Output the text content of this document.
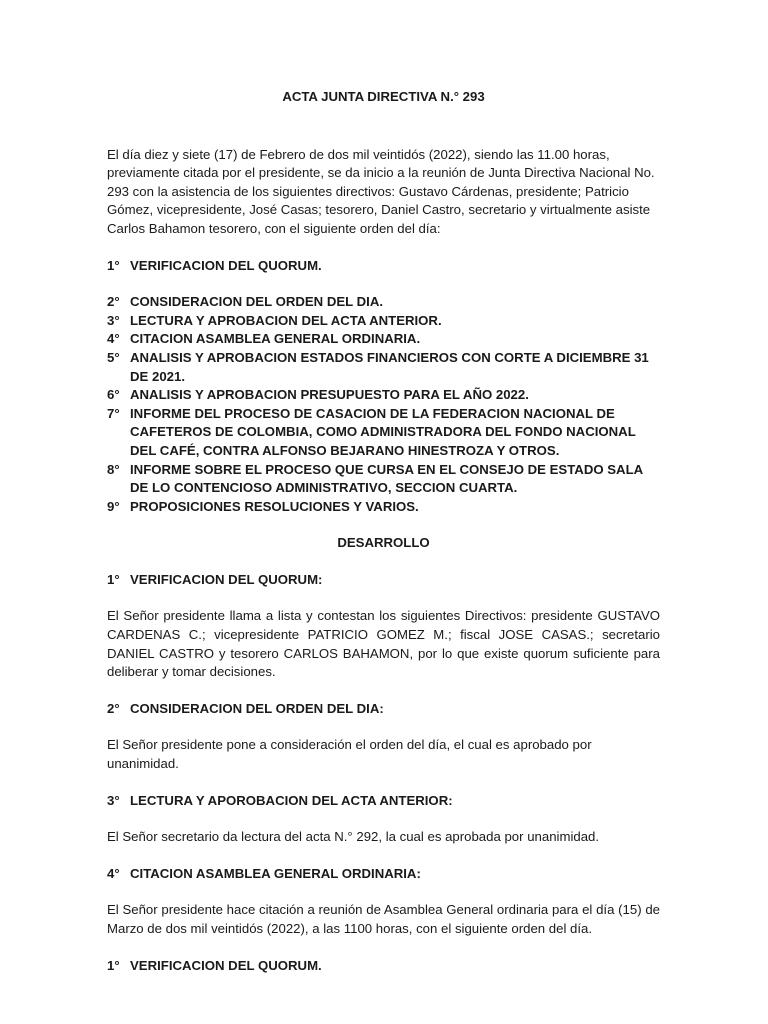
ACTA JUNTA DIRECTIVA N.° 293
El día diez y siete (17) de Febrero de dos mil veintidós (2022), siendo las 11.00 horas, previamente citada por el presidente, se da inicio a la reunión de Junta Directiva Nacional No. 293 con la asistencia de los siguientes directivos: Gustavo Cárdenas, presidente; Patricio Gómez, vicepresidente, José Casas; tesorero, Daniel Castro, secretario y virtualmente asiste Carlos Bahamon tesorero, con el siguiente orden del día:
1° VERIFICACION DEL QUORUM.
2° CONSIDERACION DEL ORDEN DEL DIA.
3° LECTURA Y APROBACION DEL ACTA ANTERIOR.
4° CITACION ASAMBLEA GENERAL ORDINARIA.
5° ANALISIS Y APROBACION ESTADOS FINANCIEROS CON CORTE A DICIEMBRE 31 DE 2021.
6° ANALISIS Y APROBACION PRESUPUESTO PARA EL AÑO 2022.
7° INFORME DEL PROCESO DE CASACION DE LA FEDERACION NACIONAL DE CAFETEROS DE COLOMBIA, COMO ADMINISTRADORA DEL FONDO NACIONAL DEL CAFÉ, CONTRA ALFONSO BEJARANO HINESTROZA Y OTROS.
8° INFORME SOBRE EL PROCESO QUE CURSA EN EL CONSEJO DE ESTADO SALA DE LO CONTENCIOSO ADMINISTRATIVO, SECCION CUARTA.
9° PROPOSICIONES RESOLUCIONES Y VARIOS.
DESARROLLO
1° VERIFICACION DEL QUORUM:
El Señor presidente llama a lista y contestan los siguientes Directivos: presidente GUSTAVO CARDENAS C.; vicepresidente PATRICIO GOMEZ M.; fiscal JOSE CASAS.; secretario DANIEL CASTRO y tesorero CARLOS BAHAMON, por lo que existe quorum suficiente para deliberar y tomar decisiones.
2° CONSIDERACION DEL ORDEN DEL DIA:
El Señor presidente pone a consideración el orden del día, el cual es aprobado por unanimidad.
3° LECTURA Y APOROBACION DEL ACTA ANTERIOR:
El Señor secretario da lectura del acta N.° 292, la cual es aprobada por unanimidad.
4° CITACION ASAMBLEA GENERAL ORDINARIA:
El Señor presidente hace citación a reunión de Asamblea General ordinaria para el día (15) de Marzo de dos mil veintidós (2022), a las 1100 horas, con el siguiente orden del día.
1° VERIFICACION DEL QUORUM.
